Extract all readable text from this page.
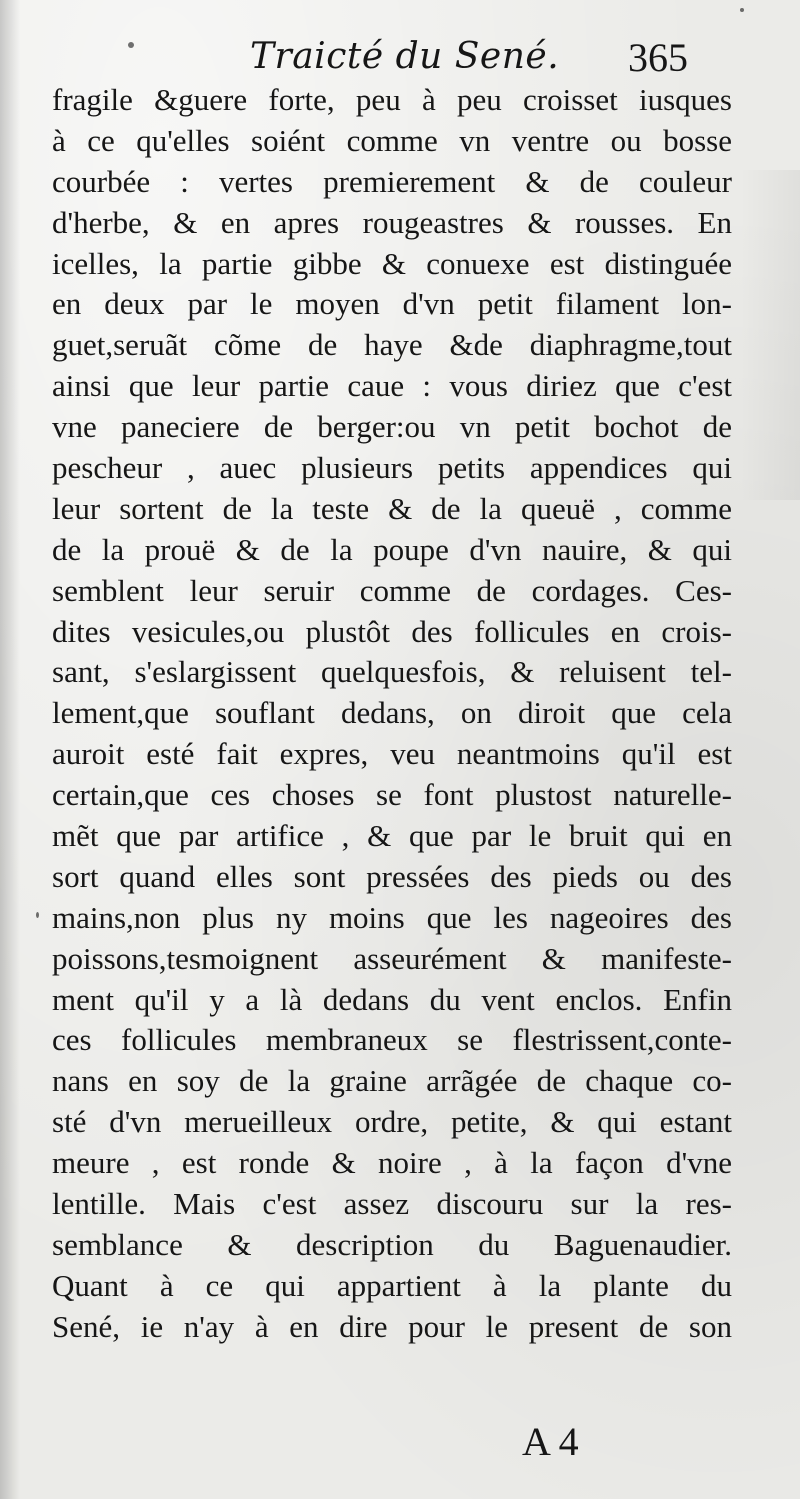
Traicté du Sené. 365
fragile &guere forte, peu à peu croisset iusques
à ce qu'elles soiént comme vn ventre ou bosse
courbée : vertes premierement & de couleur
d'herbe, & en apres rougeastres & rousses. En
icelles, la partie gibbe & conuexe est distinguée
en deux par le moyen d'vn petit filament lon-
guet,seruãt cõme de haye &de diaphragme,tout
ainsi que leur partie caue : vous diriez que c'est
vne paneciere de berger:ou vn petit bochot de
pescheur , auec plusieurs petits appendices qui
leur sortent de la teste & de la queuë , comme
de la prouë & de la poupe d'vn nauire, & qui
semblent leur seruir comme de cordages. Ces-
dites vesicules,ou plustôt des follicules en crois-
sant, s'eslargissent quelquesfois, & reluisent tel-
lement,que souflant dedans, on diroit que cela
auroit esté fait expres, veu neantmoins qu'il est
certain,que ces choses se font plustost naturelle-
mẽt que par artifice , & que par le bruit qui en
sort quand elles sont pressées des pieds ou des
mains,non plus ny moins que les nageoires des
poissons,tesmoignent asseurément & manifeste-
ment qu'il y a là dedans du vent enclos. Enfin
ces follicules membraneux se flestrissent,conte-
nans en soy de la graine arrãgée de chaque co-
sté d'vn merueilleux ordre, petite, & qui estant
meure , est ronde & noire , à la façon d'vne
lentille. Mais c'est assez discouru sur la res-
semblance & description du Baguenaudier.
Quant à ce qui appartient à la plante du
Sené, ie n'ay à en dire pour le present de son
A 4
